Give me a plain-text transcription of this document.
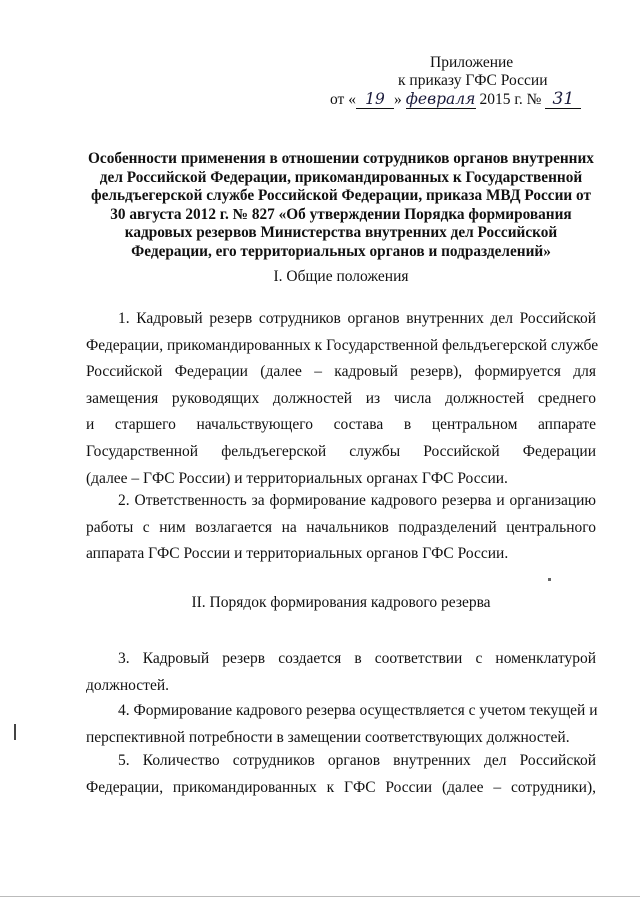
Приложение
к приказу ГФС России
от « 19 » февраля 2015 г. № 31
Особенности применения в отношении сотрудников органов внутренних
дел Российской Федерации, прикомандированных к Государственной
фельдъегерской службе Российской Федерации, приказа МВД России от
30 августа 2012 г. № 827 «Об утверждении Порядка формирования
кадровых резервов Министерства внутренних дел Российской
Федерации, его территориальных органов и подразделений»
I. Общие положения
1. Кадровый резерв сотрудников органов внутренних дел Российской
Федерации, прикомандированных к Государственной фельдъегерской службе
Российской Федерации (далее – кадровый резерв), формируется для
замещения руководящих должностей из числа должностей среднего
и старшего начальствующего состава в центральном аппарате
Государственной фельдъегерской службы Российской Федерации
(далее – ГФС России) и территориальных органах ГФС России.
2. Ответственность за формирование кадрового резерва и организацию
работы с ним возлагается на начальников подразделений центрального
аппарата ГФС России и территориальных органов ГФС России.
II. Порядок формирования кадрового резерва
3. Кадровый резерв создается в соответствии с номенклатурой
должностей.
4. Формирование кадрового резерва осуществляется с учетом текущей и
перспективной потребности в замещении соответствующих должностей.
5. Количество сотрудников органов внутренних дел Российской
Федерации, прикомандированных к ГФС России (далее – сотрудники),
